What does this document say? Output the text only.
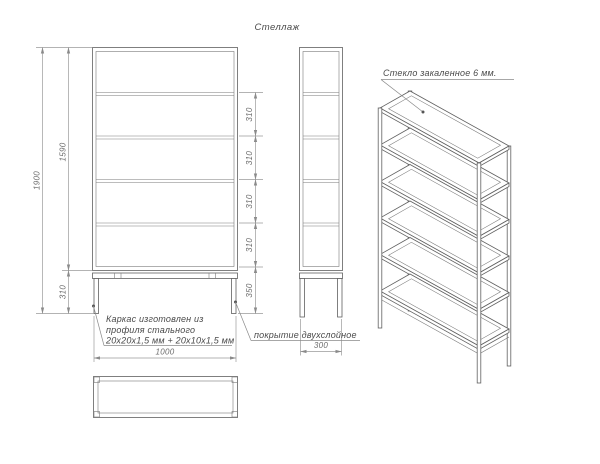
Стеллаж
1900
1590
310
310
310
310
310
350
1000
300
Стекло закаленное 6 мм.
Каркас изготовлен из
профиля стального
20х20х1,5 мм + 20х10х1,5 мм
покрытие двухслойное
